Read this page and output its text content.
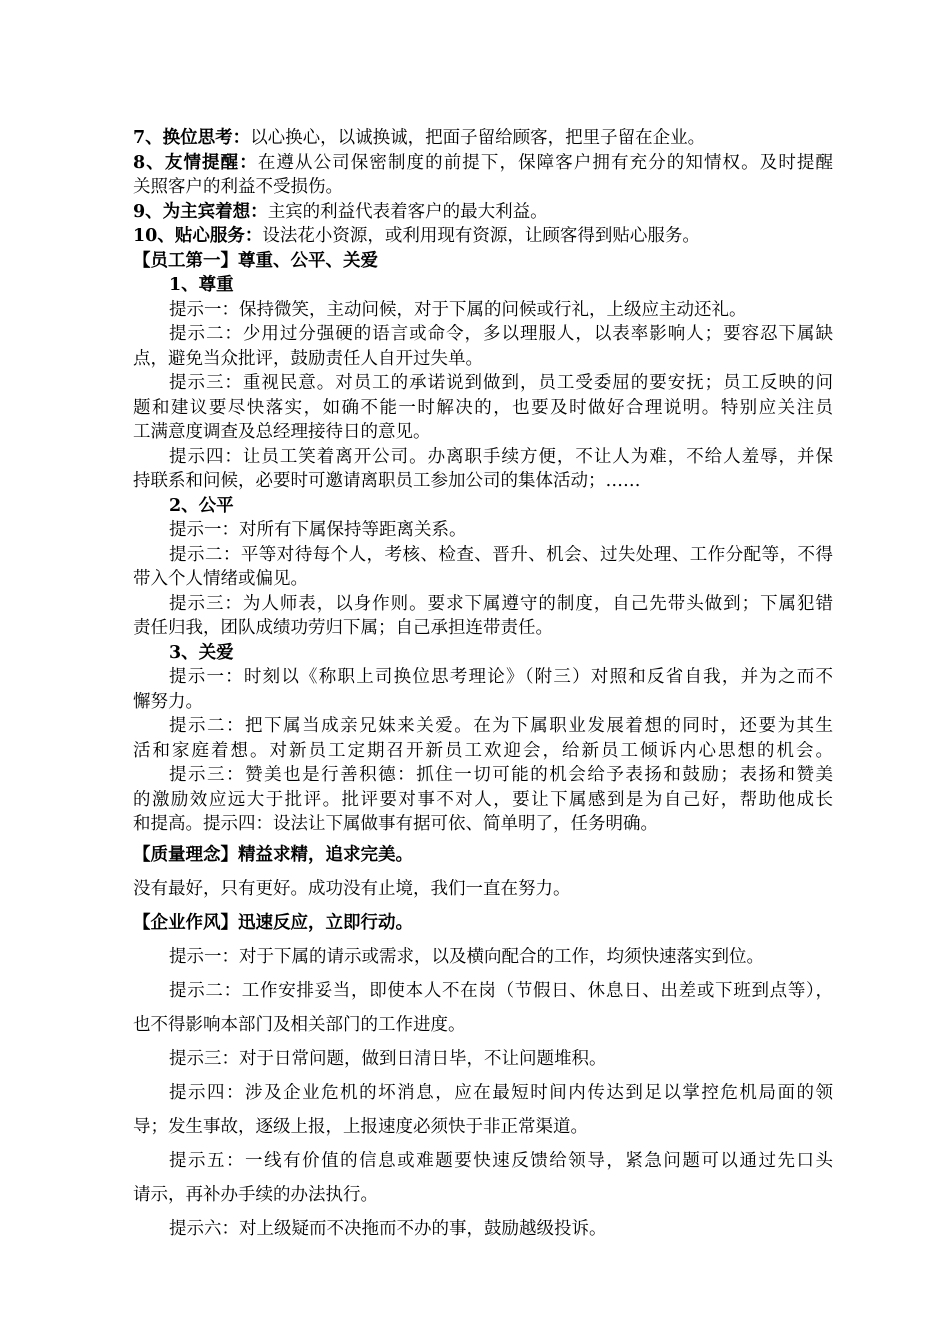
7、换位思考：以心换心，以诚换诚，把面子留给顾客，把里子留在企业。
8、友情提醒：在遵从公司保密制度的前提下，保障客户拥有充分的知情权。及时提醒
关照客户的利益不受损伤。
9、为主宾着想：主宾的利益代表着客户的最大利益。
10、贴心服务：设法花小资源，或利用现有资源，让顾客得到贴心服务。
【员工第一】尊重、公平、关爱
1、尊重
提示一：保持微笑，主动问候，对于下属的问候或行礼，上级应主动还礼。
提示二：少用过分强硬的语言或命令，多以理服人，以表率影响人；要容忍下属缺
点，避免当众批评，鼓励责任人自开过失单。
提示三：重视民意。对员工的承诺说到做到，员工受委屈的要安抚；员工反映的问
题和建议要尽快落实，如确不能一时解决的，也要及时做好合理说明。特别应关注员
工满意度调查及总经理接待日的意见。
提示四：让员工笑着离开公司。办离职手续方便，不让人为难，不给人羞辱，并保
持联系和问候，必要时可邀请离职员工参加公司的集体活动；……
2、公平
提示一：对所有下属保持等距离关系。
提示二：平等对待每个人，考核、检查、晋升、机会、过失处理、工作分配等，不得
带入个人情绪或偏见。
提示三：为人师表，以身作则。要求下属遵守的制度，自己先带头做到；下属犯错
责任归我，团队成绩功劳归下属；自己承担连带责任。
3、关爱
提示一：时刻以《称职上司换位思考理论》（附三）对照和反省自我，并为之而不
懈努力。
提示二：把下属当成亲兄妹来关爱。在为下属职业发展着想的同时，还要为其生
活和家庭着想。对新员工定期召开新员工欢迎会，给新员工倾诉内心思想的机会。
提示三：赞美也是行善积德：抓住一切可能的机会给予表扬和鼓励；表扬和赞美
的激励效应远大于批评。批评要对事不对人，要让下属感到是为自己好，帮助他成长
和提高。提示四：设法让下属做事有据可依、简单明了，任务明确。
【质量理念】精益求精，追求完美。
没有最好，只有更好。成功没有止境，我们一直在努力。
【企业作风】迅速反应，立即行动。
提示一：对于下属的请示或需求，以及横向配合的工作，均须快速落实到位。
提示二：工作安排妥当，即使本人不在岗（节假日、休息日、出差或下班到点等），
也不得影响本部门及相关部门的工作进度。
提示三：对于日常问题，做到日清日毕，不让问题堆积。
提示四：涉及企业危机的坏消息，应在最短时间内传达到足以掌控危机局面的领
导；发生事故，逐级上报，上报速度必须快于非正常渠道。
提示五：一线有价值的信息或难题要快速反馈给领导，紧急问题可以通过先口头
请示，再补办手续的办法执行。
提示六：对上级疑而不决拖而不办的事，鼓励越级投诉。
